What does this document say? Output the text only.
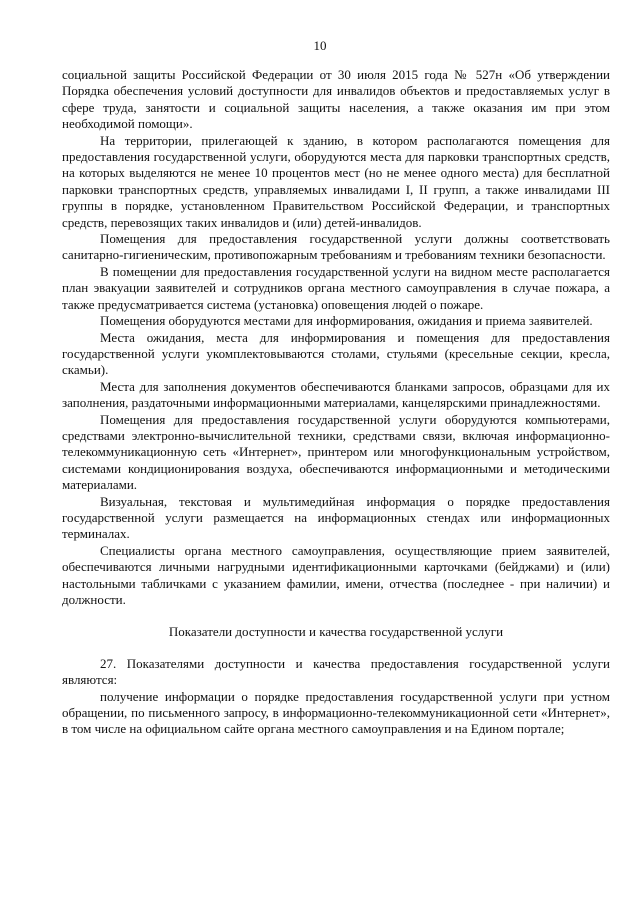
10

социальной защиты Российской Федерации от 30 июля 2015 года № 527н «Об утверждении Порядка обеспечения условий доступности для инвалидов объектов и предоставляемых услуг в сфере труда, занятости и социальной защиты населения, а также оказания им при этом необходимой помощи».

На территории, прилегающей к зданию, в котором располагаются помещения для предоставления государственной услуги, оборудуются места для парковки транспортных средств, на которых выделяются не менее 10 процентов мест (но не менее одного места) для бесплатной парковки транспортных средств, управляемых инвалидами I, II групп, а также инвалидами III группы в порядке, установленном Правительством Российской Федерации, и транспортных средств, перевозящих таких инвалидов и (или) детей-инвалидов.

Помещения для предоставления государственной услуги должны соответствовать санитарно-гигиеническим, противопожарным требованиям и требованиям техники безопасности.

В помещении для предоставления государственной услуги на видном месте располагается план эвакуации заявителей и сотрудников органа местного самоуправления в случае пожара, а также предусматривается система (установка) оповещения людей о пожаре.

Помещения оборудуются местами для информирования, ожидания и приема заявителей.

Места ожидания, места для информирования и помещения для предоставления государственной услуги укомплектовываются столами, стульями (кресельные секции, кресла, скамьи).

Места для заполнения документов обеспечиваются бланками запросов, образцами для их заполнения, раздаточными информационными материалами, канцелярскими принадлежностями.

Помещения для предоставления государственной услуги оборудуются компьютерами, средствами электронно-вычислительной техники, средствами связи, включая информационно-телекоммуникационную сеть «Интернет», принтером или многофункциональным устройством, системами кондиционирования воздуха, обеспечиваются информационными и методическими материалами.

Визуальная, текстовая и мультимедийная информация о порядке предоставления государственной услуги размещается на информационных стендах или информационных терминалах.

Специалисты органа местного самоуправления, осуществляющие прием заявителей, обеспечиваются личными нагрудными идентификационными карточками (бейджами) и (или) настольными табличками с указанием фамилии, имени, отчества (последнее - при наличии) и должности.

Показатели доступности и качества государственной услуги

27. Показателями доступности и качества предоставления государственной услуги являются:

получение информации о порядке предоставления государственной услуги при устном обращении, по письменного запросу, в информационно-телекоммуникационной сети «Интернет», в том числе на официальном сайте органа местного самоуправления и на Едином портале;
